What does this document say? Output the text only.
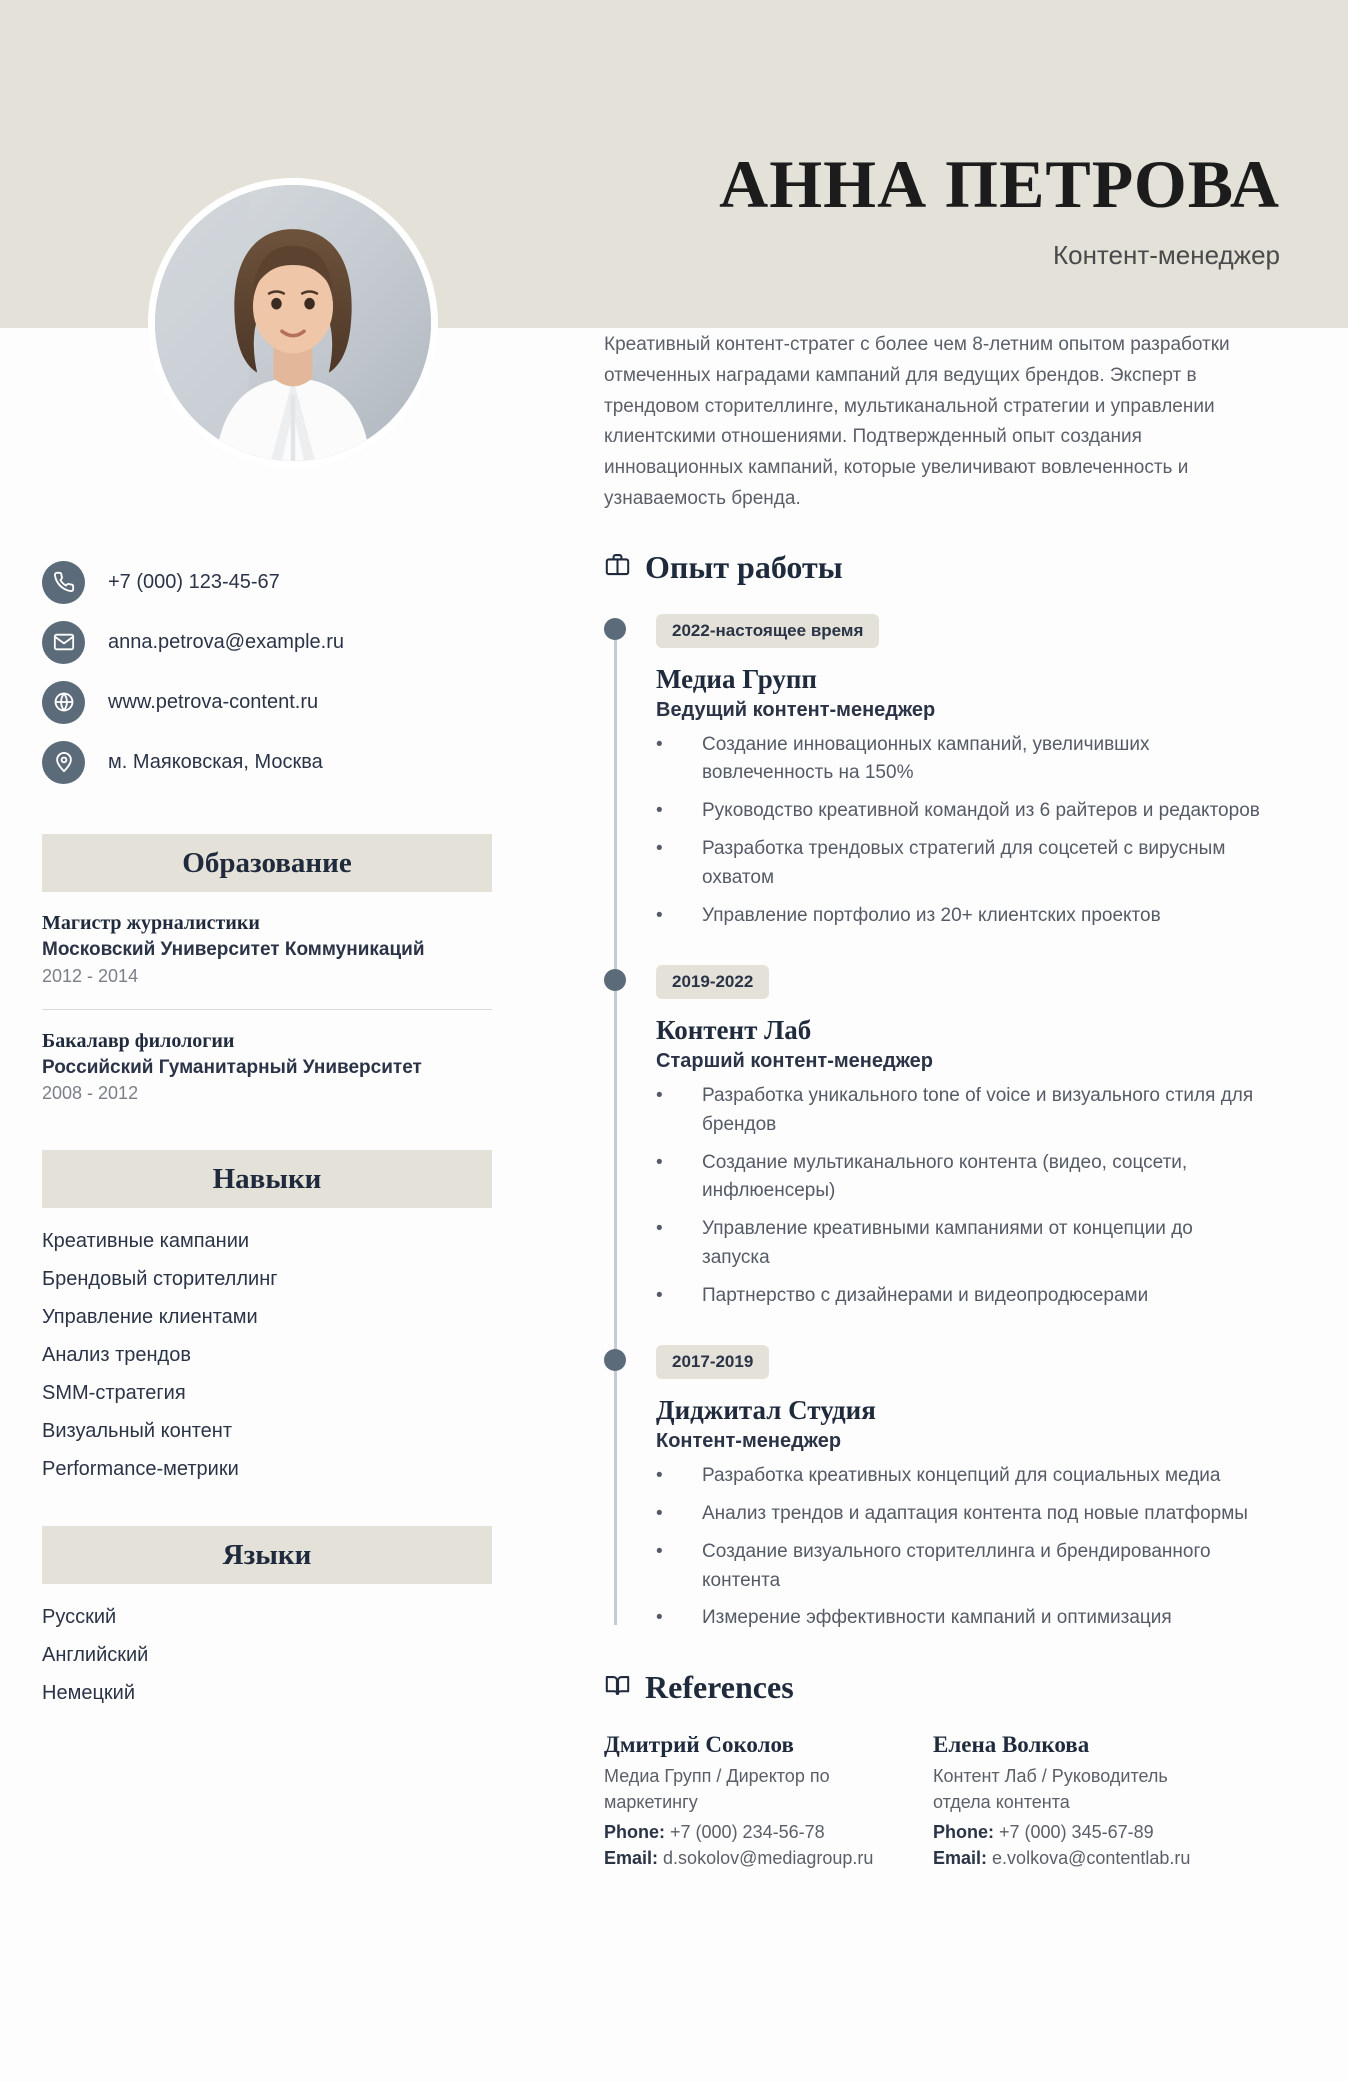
АННА ПЕТРОВА
Контент-менеджер
+7 (000) 123-45-67
anna.petrova@example.ru
www.petrova-content.ru
м. Маяковская, Москва
Образование
Магистр журналистики
Московский Университет Коммуникаций
2012 - 2014
Бакалавр филологии
Российский Гуманитарный Университет
2008 - 2012
Навыки
Креативные кампании
Брендовый сторителлинг
Управление клиентами
Анализ трендов
SMM-стратегия
Визуальный контент
Performance-метрики
Языки
Русский
Английский
Немецкий
Креативный контент-стратег с более чем 8-летним опытом разработки отмеченных наградами кампаний для ведущих брендов. Эксперт в трендовом сторителлинге, мультиканальной стратегии и управлении клиентскими отношениями. Подтвержденный опыт создания инновационных кампаний, которые увеличивают вовлеченность и узнаваемость бренда.
Опыт работы
2022-настоящее время
Медиа Групп
Ведущий контент-менеджер
• Создание инновационных кампаний, увеличивших вовлеченность на 150%
• Руководство креативной командой из 6 райтеров и редакторов
• Разработка трендовых стратегий для соцсетей с вирусным охватом
• Управление портфолио из 20+ клиентских проектов
2019-2022
Контент Лаб
Старший контент-менеджер
• Разработка уникального tone of voice и визуального стиля для брендов
• Создание мультиканального контента (видео, соцсети, инфлюенсеры)
• Управление креативными кампаниями от концепции до запуска
• Партнерство с дизайнерами и видеопродюсерами
2017-2019
Диджитал Студия
Контент-менеджер
• Разработка креативных концепций для социальных медиа
• Анализ трендов и адаптация контента под новые платформы
• Создание визуального сторителлинга и брендированного контента
• Измерение эффективности кампаний и оптимизация
References
Дмитрий Соколов
Медиа Групп / Директор по маркетингу
Phone: +7 (000) 234-56-78
Email: d.sokolov@mediagroup.ru
Елена Волкова
Контент Лаб / Руководитель отдела контента
Phone: +7 (000) 345-67-89
Email: e.volkova@contentlab.ru
